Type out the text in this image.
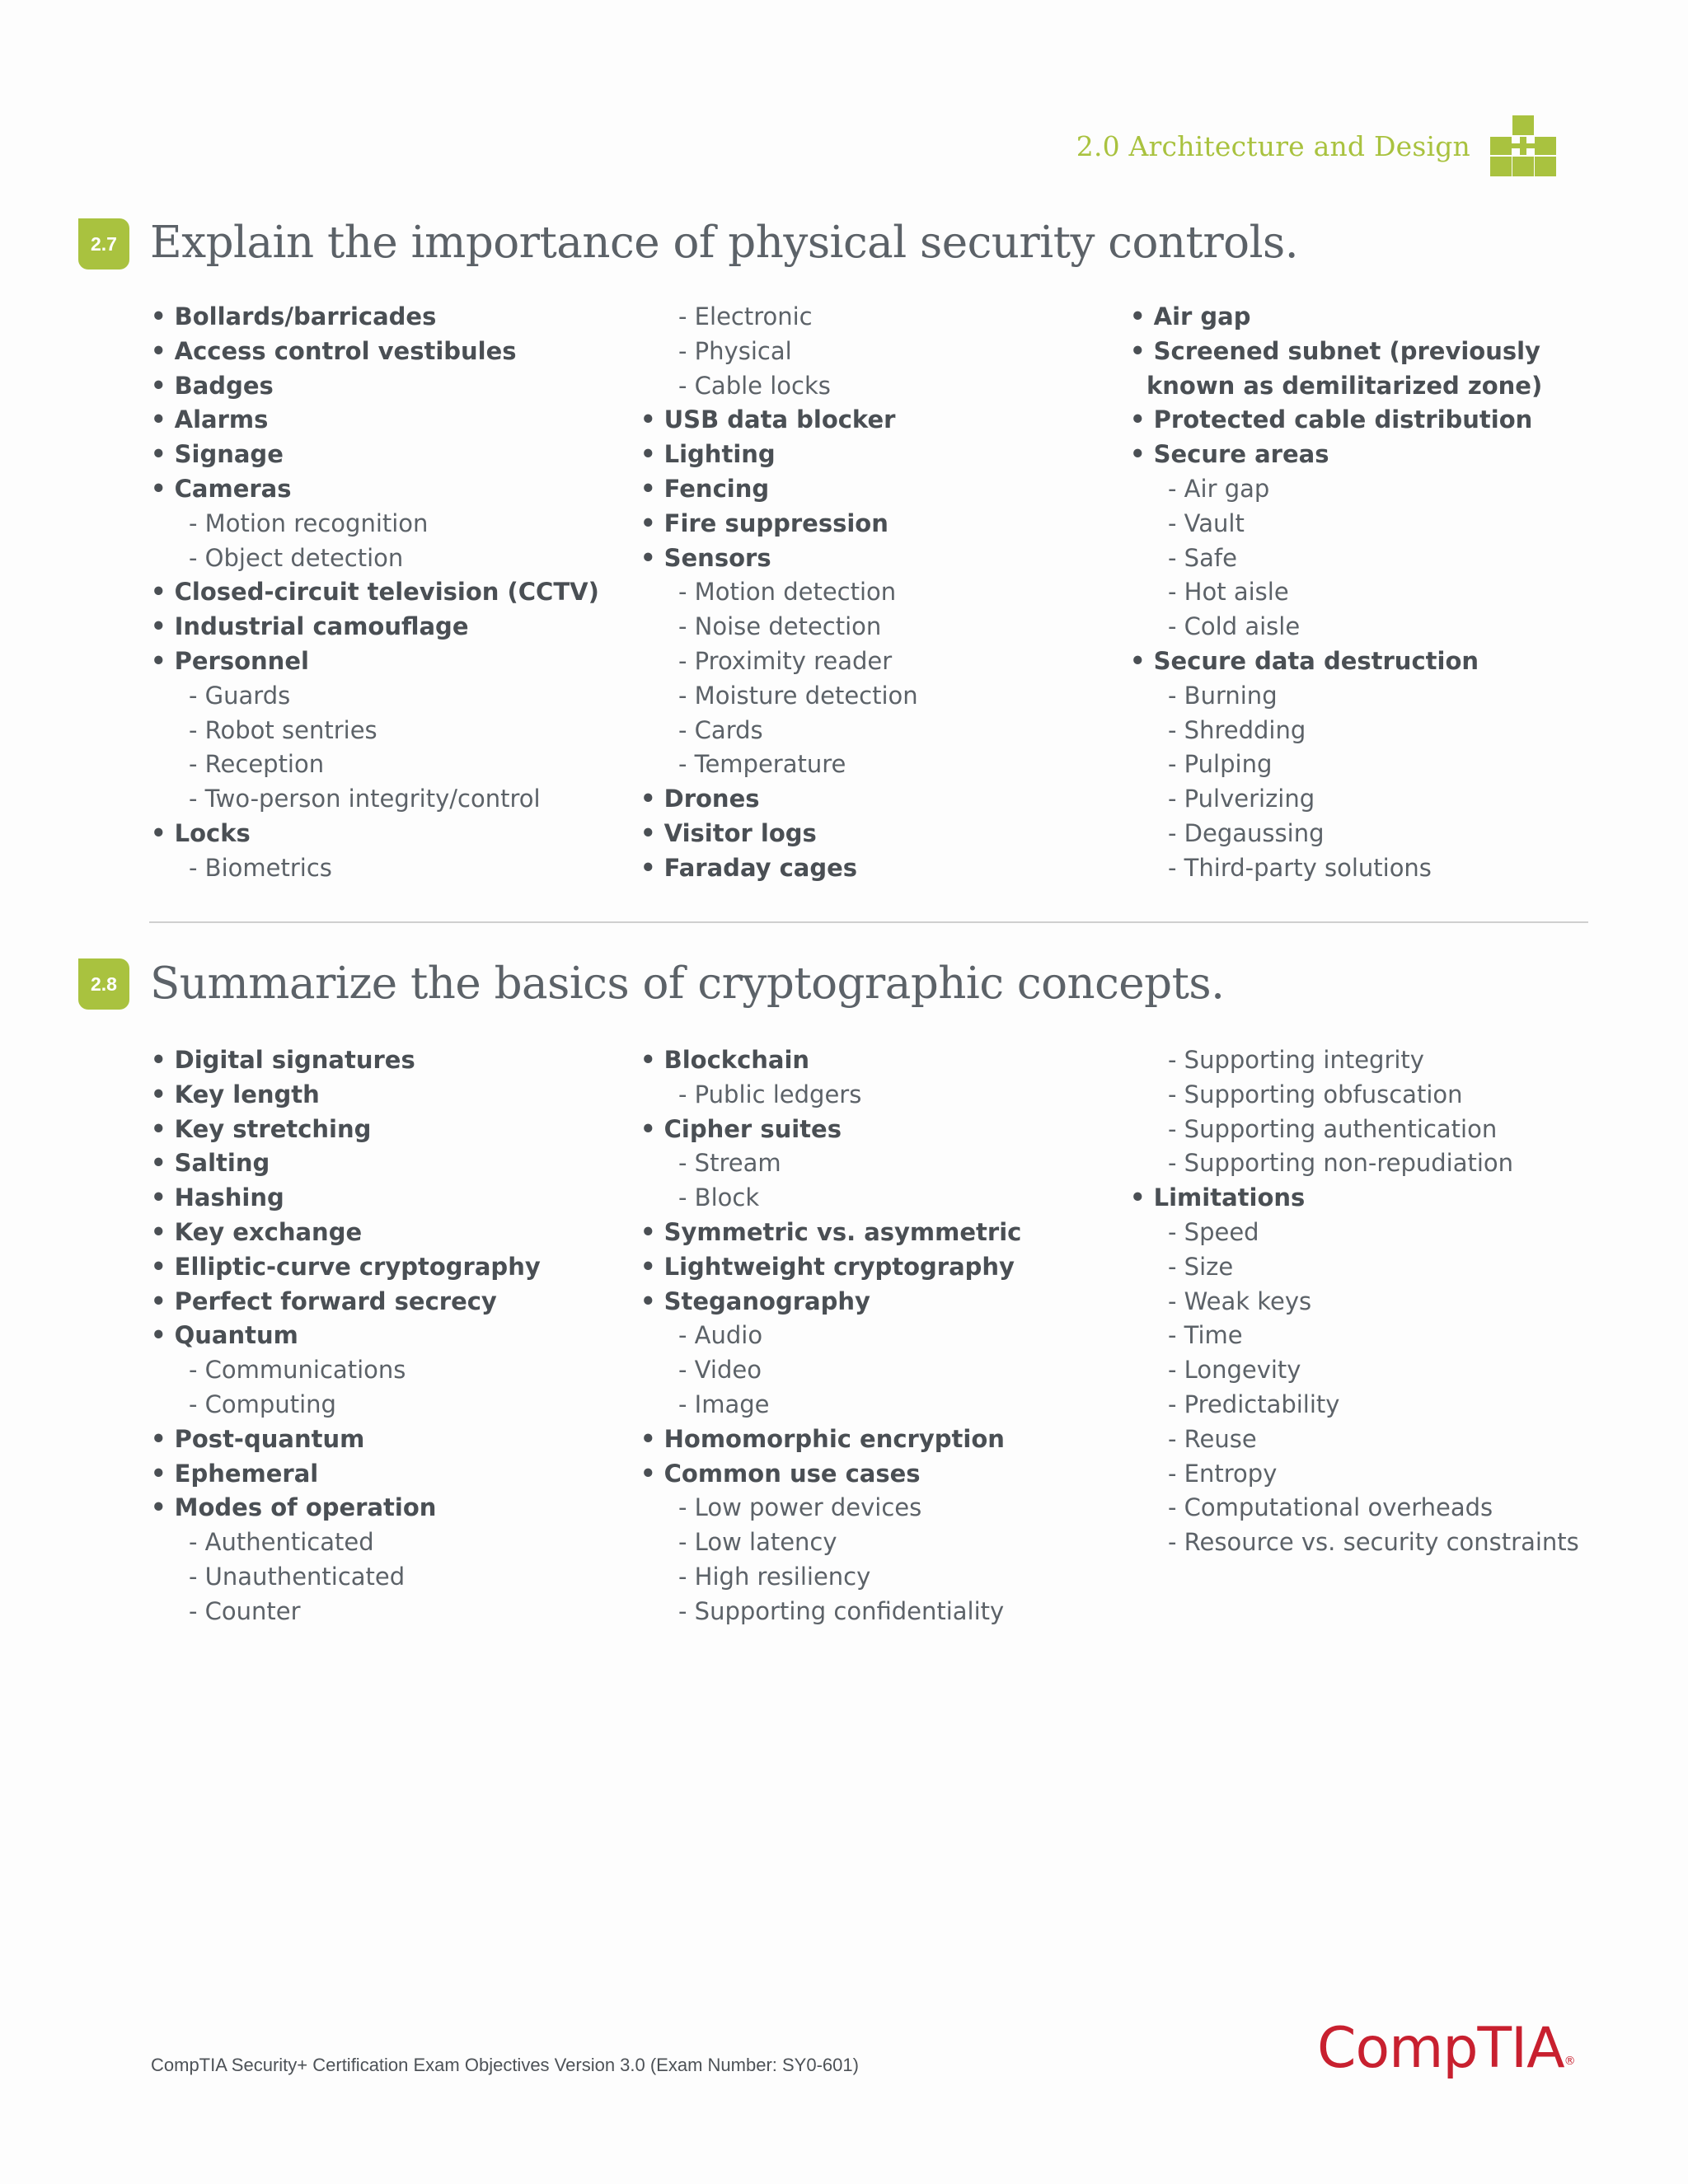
2.0 Architecture and Design
2.7 Explain the importance of physical security controls.
• Bollards/barricades
• Access control vestibules
• Badges
• Alarms
• Signage
• Cameras
- Motion recognition
- Object detection
• Closed-circuit television (CCTV)
• Industrial camouflage
• Personnel
- Guards
- Robot sentries
- Reception
- Two-person integrity/control
• Locks
- Biometrics
- Electronic
- Physical
- Cable locks
• USB data blocker
• Lighting
• Fencing
• Fire suppression
• Sensors
- Motion detection
- Noise detection
- Proximity reader
- Moisture detection
- Cards
- Temperature
• Drones
• Visitor logs
• Faraday cages
• Air gap
• Screened subnet (previously
known as demilitarized zone)
• Protected cable distribution
• Secure areas
- Air gap
- Vault
- Safe
- Hot aisle
- Cold aisle
• Secure data destruction
- Burning
- Shredding
- Pulping
- Pulverizing
- Degaussing
- Third-party solutions
2.8 Summarize the basics of cryptographic concepts.
• Digital signatures
• Key length
• Key stretching
• Salting
• Hashing
• Key exchange
• Elliptic-curve cryptography
• Perfect forward secrecy
• Quantum
- Communications
- Computing
• Post-quantum
• Ephemeral
• Modes of operation
- Authenticated
- Unauthenticated
- Counter
• Blockchain
- Public ledgers
• Cipher suites
- Stream
- Block
• Symmetric vs. asymmetric
• Lightweight cryptography
• Steganography
- Audio
- Video
- Image
• Homomorphic encryption
• Common use cases
- Low power devices
- Low latency
- High resiliency
- Supporting confidentiality
- Supporting integrity
- Supporting obfuscation
- Supporting authentication
- Supporting non-repudiation
• Limitations
- Speed
- Size
- Weak keys
- Time
- Longevity
- Predictability
- Reuse
- Entropy
- Computational overheads
- Resource vs. security constraints
CompTIA Security+ Certification Exam Objectives Version 3.0 (Exam Number: SY0-601)	CompTIA®
